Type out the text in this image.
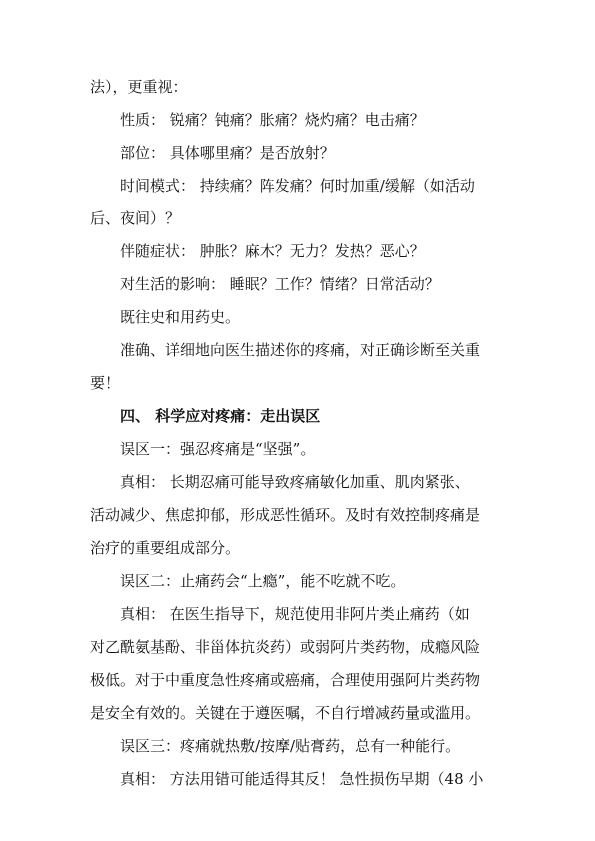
法），更重视：
性质： 锐痛？钝痛？胀痛？烧灼痛？电击痛？
部位： 具体哪里痛？是否放射？
时间模式： 持续痛？阵发痛？何时加重/缓解（如活动
后、夜间）？
伴随症状： 肿胀？麻木？无力？发热？恶心？
对生活的影响： 睡眠？工作？情绪？日常活动？
既往史和用药史。
准确、详细地向医生描述你的疼痛，对正确诊断至关重
要！
四、 科学应对疼痛：走出误区
误区一：强忍疼痛是“坚强”。
真相： 长期忍痛可能导致疼痛敏化加重、肌肉紧张、
活动减少、焦虑抑郁，形成恶性循环。及时有效控制疼痛是
治疗的重要组成部分。
误区二：止痛药会“上瘾”，能不吃就不吃。
真相： 在医生指导下，规范使用非阿片类止痛药（如
对乙酰氨基酚、非甾体抗炎药）或弱阿片类药物，成瘾风险
极低。对于中重度急性疼痛或癌痛，合理使用强阿片类药物
是安全有效的。关键在于遵医嘱，不自行增减药量或滥用。
误区三：疼痛就热敷/按摩/贴膏药，总有一种能行。
真相： 方法用错可能适得其反！ 急性损伤早期（48 小
